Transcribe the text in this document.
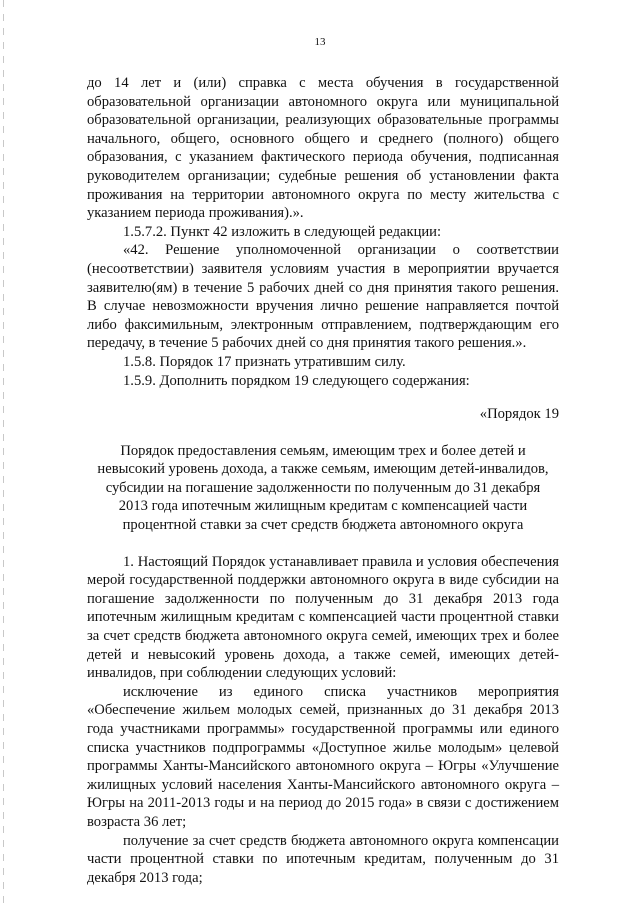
13

до 14 лет и (или) справка с места обучения в государственной образовательной организации автономного округа или муниципальной образовательной организации, реализующих образовательные программы начального, общего, основного общего и среднего (полного) общего образования, с указанием фактического периода обучения, подписанная руководителем организации; судебные решения об установлении факта проживания на территории автономного округа по месту жительства с указанием периода проживания).».

1.5.7.2. Пункт 42 изложить в следующей редакции:

«42. Решение уполномоченной организации о соответствии (несоответствии) заявителя условиям участия в мероприятии вручается заявителю(ям) в течение 5 рабочих дней со дня принятия такого решения. В случае невозможности вручения лично решение направляется почтой либо факсимильным, электронным отправлением, подтверждающим его передачу, в течение 5 рабочих дней со дня принятия такого решения.».

1.5.8. Порядок 17 признать утратившим силу.

1.5.9. Дополнить порядком 19 следующего содержания:

«Порядок 19

Порядок предоставления семьям, имеющим трех и более детей и невысокий уровень дохода, а также семьям, имеющим детей-инвалидов, субсидии на погашение задолженности по полученным до 31 декабря 2013 года ипотечным жилищным кредитам с компенсацией части процентной ставки за счет средств бюджета автономного округа

1. Настоящий Порядок устанавливает правила и условия обеспечения мерой государственной поддержки автономного округа в виде субсидии на погашение задолженности по полученным до 31 декабря 2013 года ипотечным жилищным кредитам с компенсацией части процентной ставки за счет средств бюджета автономного округа семей, имеющих трех и более детей и невысокий уровень дохода, а также семей, имеющих детей-инвалидов, при соблюдении следующих условий:

исключение из единого списка участников мероприятия «Обеспечение жильем молодых семей, признанных до 31 декабря 2013 года участниками программы» государственной программы или единого списка участников подпрограммы «Доступное жилье молодым» целевой программы Ханты-Мансийского автономного округа – Югры «Улучшение жилищных условий населения Ханты-Мансийского автономного округа – Югры на 2011-2013 годы и на период до 2015 года» в связи с достижением возраста 36 лет;

получение за счет средств бюджета автономного округа компенсации части процентной ставки по ипотечным кредитам, полученным до 31 декабря 2013 года;
